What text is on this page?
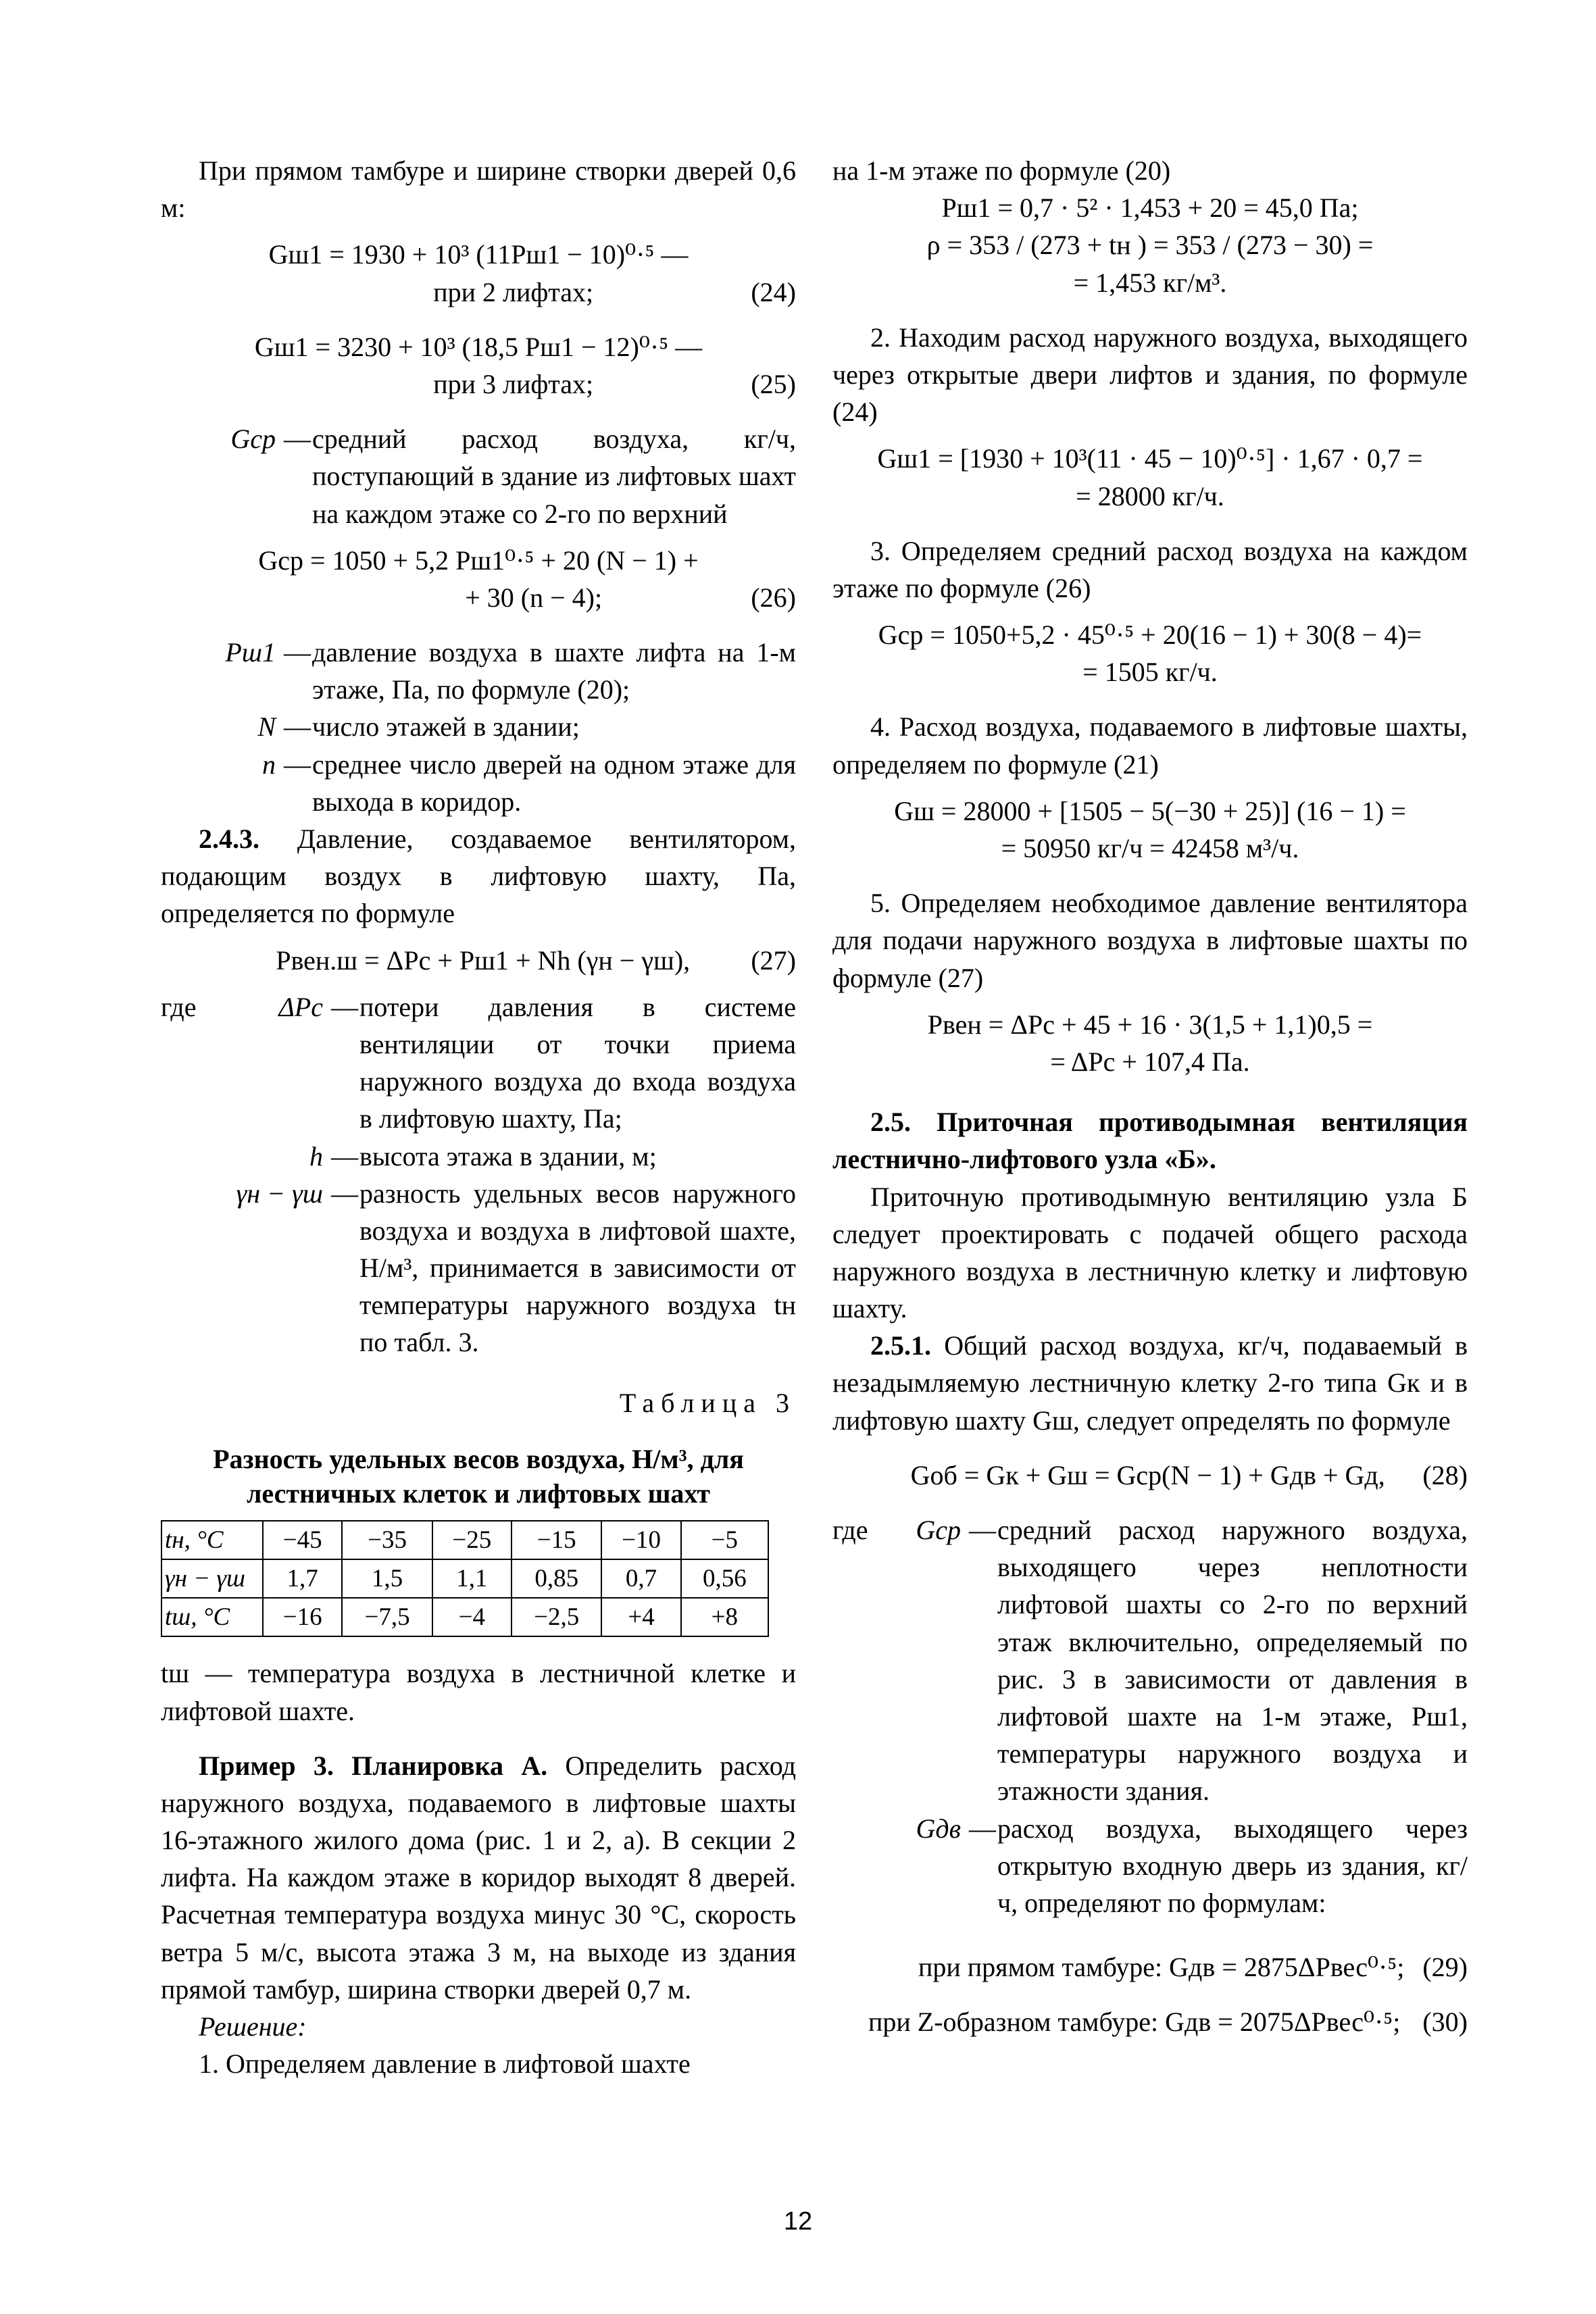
При прямом тамбуре и ширине створки дверей 0,6 м:

Gш1 = 1930 + 10³ (11Pш1 − 10)⁰·⁵ —

при 2 лифтах;	(24)

Gш1 = 3230 + 10³ (18,5 Pш1 − 12)⁰·⁵ —

при 3 лифтах;	(25)
Gср — средний расход воздуха, кг/ч, поступающий в здание из лифтовых шахт на каждом этаже со 2-го по верхний

Gср = 1050 + 5,2 Pш1⁰·⁵ + 20 (N − 1) +

+ 30 (n − 4);	(26)
Pш1 — давление воздуха в шахте лифта на 1-м этаже, Па, по формуле (20);
N — число этажей в здании;
n — среднее число дверей на одном этаже для выхода в коридор.

2.4.3. Давление, создаваемое вентилятором, подающим воздух в лифтовую шахту, Па, определяется по формуле

Pвен.ш = ΔPс + Pш1 + Nh (γн − γш), (27)
где	ΔPс — потери давления в системе вентиляции от точки приема наружного воздуха до входа воздуха в лифтовую шахту, Па;
h — высота этажа в здании, м;
γн − γш — разность удельных весов наружного воздуха и воздуха в лифтовой шахте, Н/м³, принимается в зависимости от температуры наружного воздуха tн по табл. 3.

Таблица 3

Разность удельных весов воздуха, Н/м³, для лестничных клеток и лифтовых шахт

tн, °С	−45	−35	−25	−15	−10	−5
γн − γш	1,7	1,5	1,1	0,85	0,7	0,56
tш, °С	−16	−7,5	−4	−2,5	+4	+8

tш — температура воздуха в лестничной клетке и лифтовой шахте.

Пример 3. Планировка А. Определить расход наружного воздуха, подаваемого в лифтовые шахты 16-этажного жилого дома (рис. 1 и 2, а). В секции 2 лифта. На каждом этаже в коридор выходят 8 дверей. Расчетная температура воздуха минус 30 °С, скорость ветра 5 м/с, высота этажа 3 м, на выходе из здания прямой тамбур, ширина створки дверей 0,7 м.

Решение:

1. Определяем давление в лифтовой шахте

на 1-м этаже по формуле (20)

Pш1 = 0,7 · 5² · 1,453 + 20 = 45,0 Па;

ρ = 353 / (273 + tн ) = 353 / (273 − 30) =

= 1,453 кг/м³.

2. Находим расход наружного воздуха, выходящего через открытые двери лифтов и здания, по формуле (24)

Gш1 = [1930 + 10³(11 · 45 − 10)⁰·⁵] · 1,67 · 0,7 =

= 28000 кг/ч.

3. Определяем средний расход воздуха на каждом этаже по формуле (26)

Gср = 1050+5,2 · 45⁰·⁵ + 20(16 − 1) + 30(8 − 4)=

= 1505 кг/ч.

4. Расход воздуха, подаваемого в лифтовые шахты, определяем по формуле (21)

Gш = 28000 + [1505 − 5(−30 + 25)] (16 − 1) =

= 50950 кг/ч = 42458 м³/ч.

5. Определяем необходимое давление вентилятора для подачи наружного воздуха в лифтовые шахты по формуле (27)

Pвен = ΔPс + 45 + 16 · 3(1,5 + 1,1)0,5 =

= ΔPс + 107,4 Па.

2.5. Приточная противодымная вентиляция лестнично-лифтового узла «Б».

Приточную противодымную вентиляцию узла Б следует проектировать с подачей общего расхода наружного воздуха в лестничную клетку и лифтовую шахту.

2.5.1. Общий расход воздуха, кг/ч, подаваемый в незадымляемую лестничную клетку 2-го типа Gк и в лифтовую шахту Gш, следует определять по формуле

Gоб = Gк + Gш = Gср(N − 1) + Gдв + Gд, (28)
где	Gср — средний расход наружного воздуха, выходящего через неплотности лифтовой шахты со 2-го по верхний этаж включительно, определяемый по рис. 3 в зависимости от давления в лифтовой шахте на 1-м этаже, Pш1, температуры наружного воздуха и этажности здания.
Gдв — расход воздуха, выходящего через открытую входную дверь из здания, кг/ч, определяют по формулам:
при прямом тамбуре: Gдв = 2875ΔPвес⁰·⁵; (29)
при Z-образном тамбуре: Gдв = 2075ΔPвес⁰·⁵; (30)
12
